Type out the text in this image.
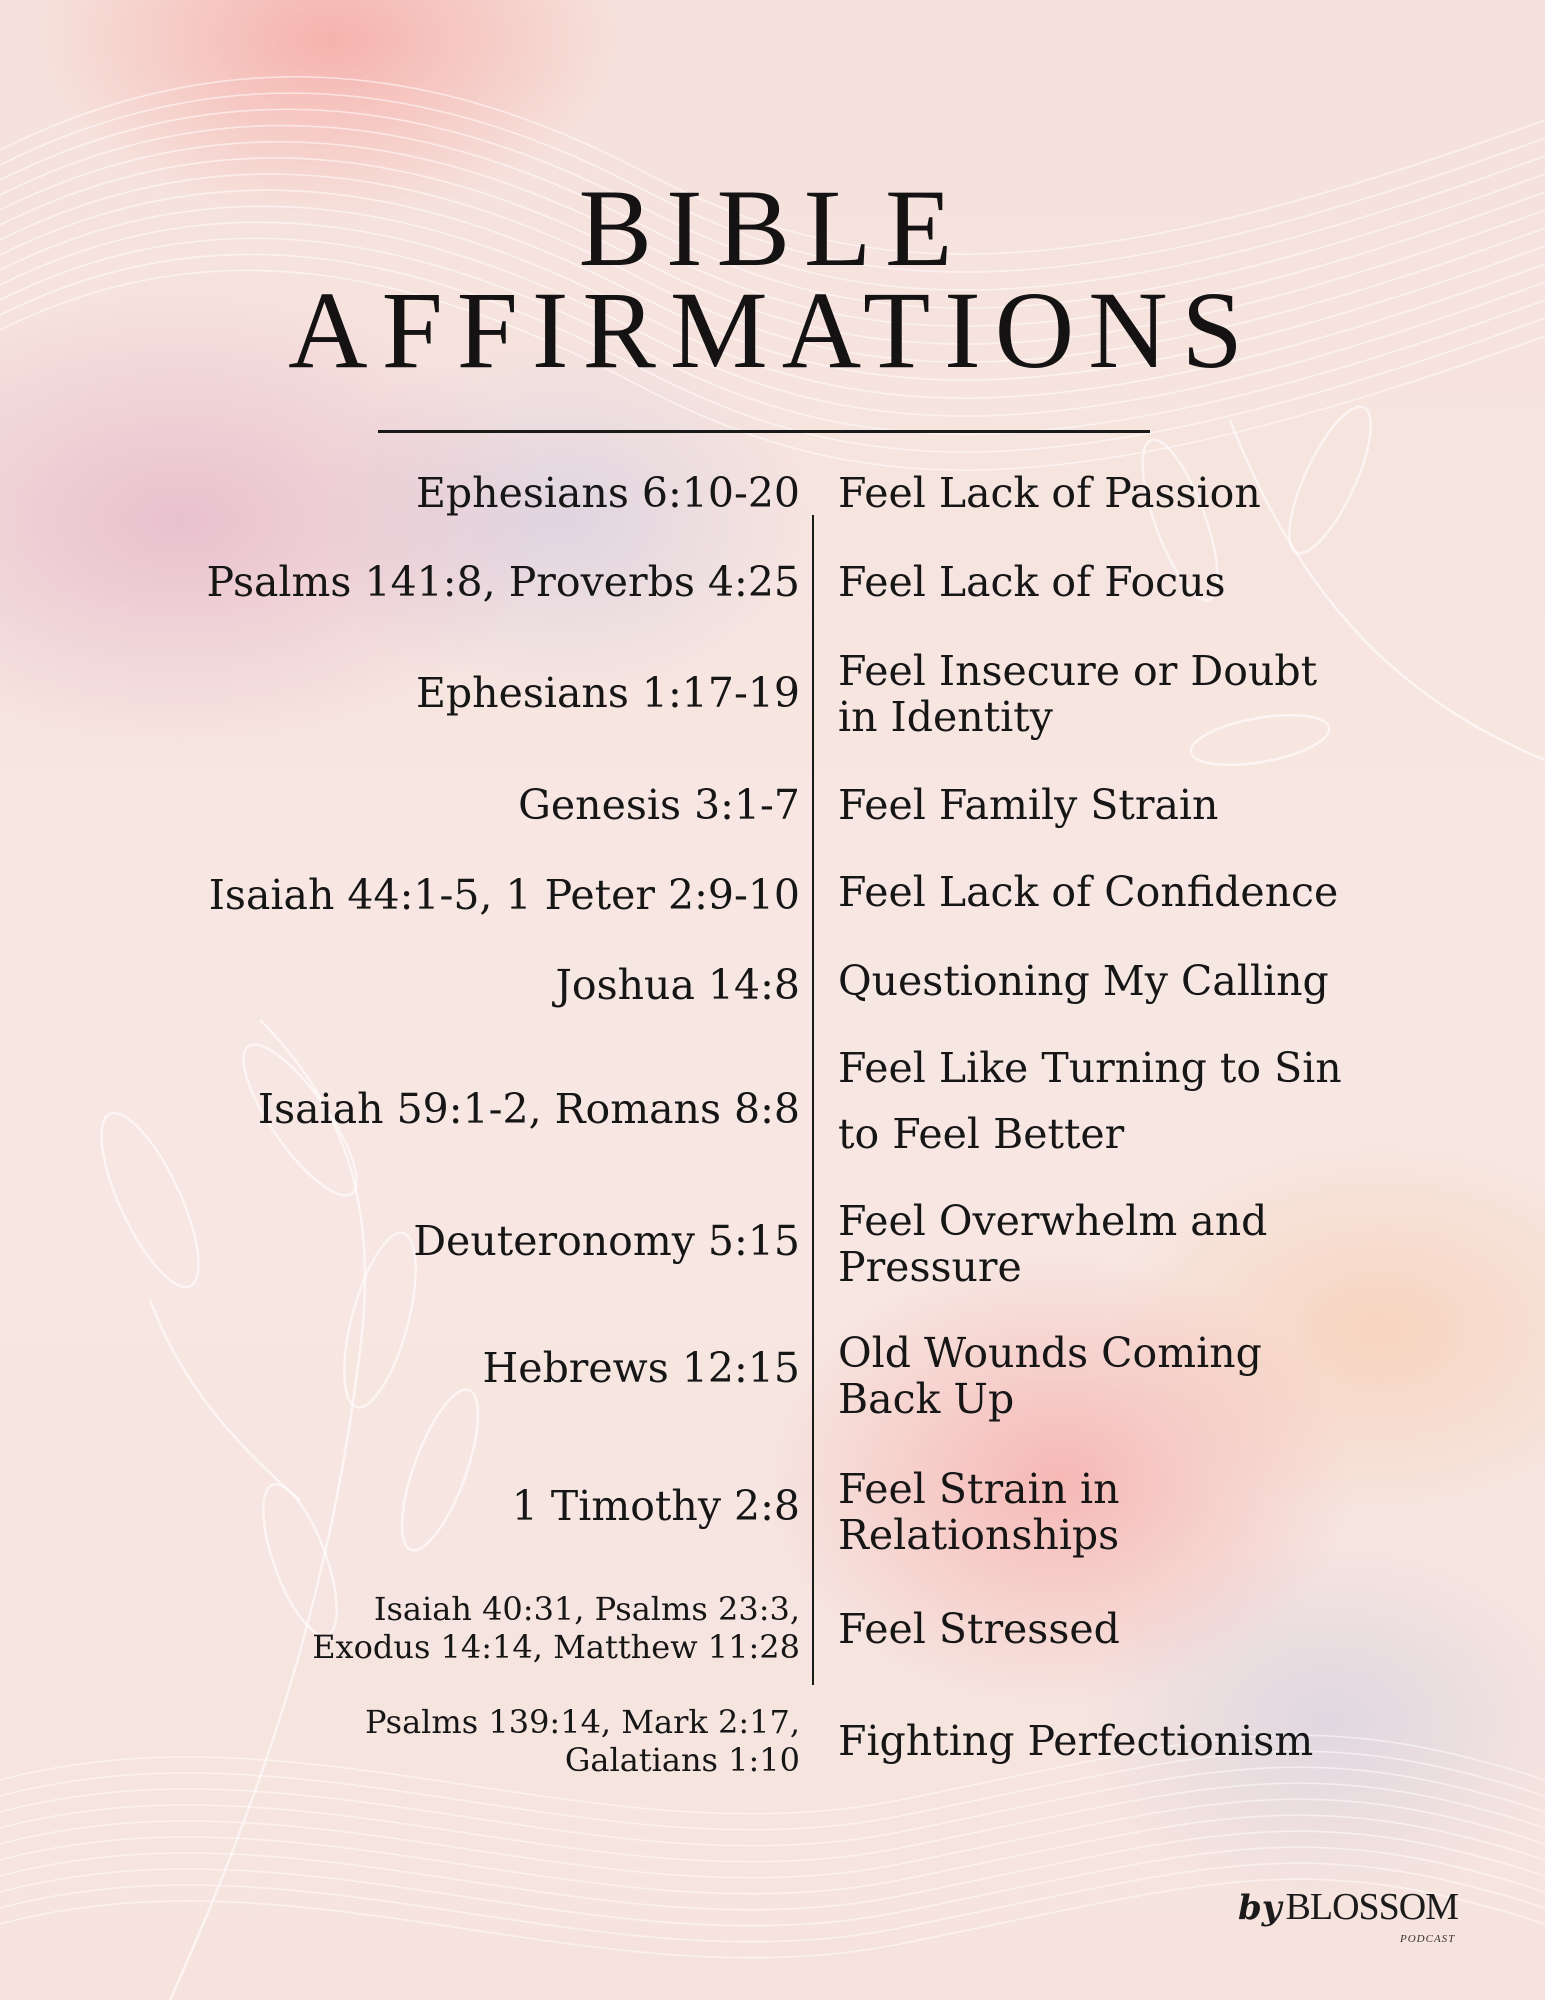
BIBLE
AFFIRMATIONS
Ephesians 6:10-20 Feel Lack of Passion
Psalms 141:8, Proverbs 4:25 Feel Lack of Focus
Ephesians 1:17-19 Feel Insecure or Doubt
in Identity
Genesis 3:1-7 Feel Family Strain
Isaiah 44:1-5, 1 Peter 2:9-10 Feel Lack of Confidence
Joshua 14:8 Questioning My Calling
Isaiah 59:1-2, Romans 8:8
Feel Like Turning to Sin
to Feel Better
Deuteronomy 5:15 Feel Overwhelm and
Pressure
Hebrews 12:15 Old Wounds Coming
Back Up
1 Timothy 2:8 Feel Strain in
Relationships
Isaiah 40:31, Psalms 23:3,
Exodus 14:14, Matthew 11:28 Feel Stressed
Psalms 139:14, Mark 2:17,
Galatians 1:10 Fighting Perfectionism
by BLOSSOM
PODCAST
